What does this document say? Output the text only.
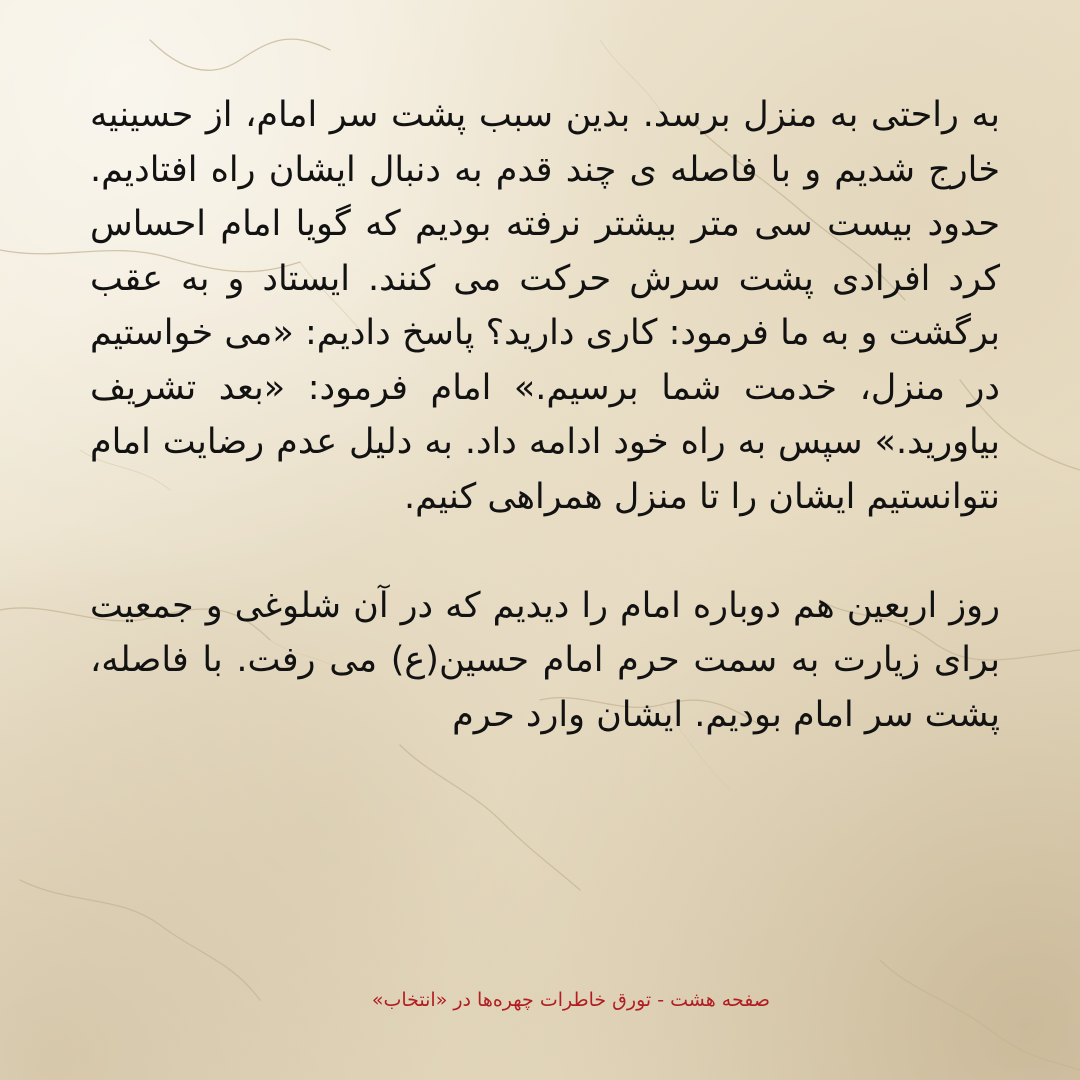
به راحتی به منزل برسد. بدین سبب پشت سر امام، از حسینیه خارج شدیم و با فاصله ی چند قدم به دنبال ایشان راه افتادیم. حدود بیست سی متر بیشتر نرفته بودیم که گویا امام احساس کرد افرادی پشت سرش حرکت می کنند. ایستاد و به عقب برگشت و به ما فرمود: کاری دارید؟ پاسخ دادیم: «می خواستیم در منزل، خدمت شما برسیم.» امام فرمود: «بعد تشریف بیاورید.» سپس به راه خود ادامه داد. به دلیل عدم رضایت امام نتوانستیم ایشان را تا منزل همراهی کنیم.

روز اربعین هم دوباره امام را دیدیم که در آن شلوغی و جمعیت برای زیارت به سمت حرم امام حسین(ع) می رفت. با فاصله، پشت سر امام بودیم. ایشان وارد حرم

صفحه هشت - تورق خاطرات چهره‌ها در «انتخاب»
